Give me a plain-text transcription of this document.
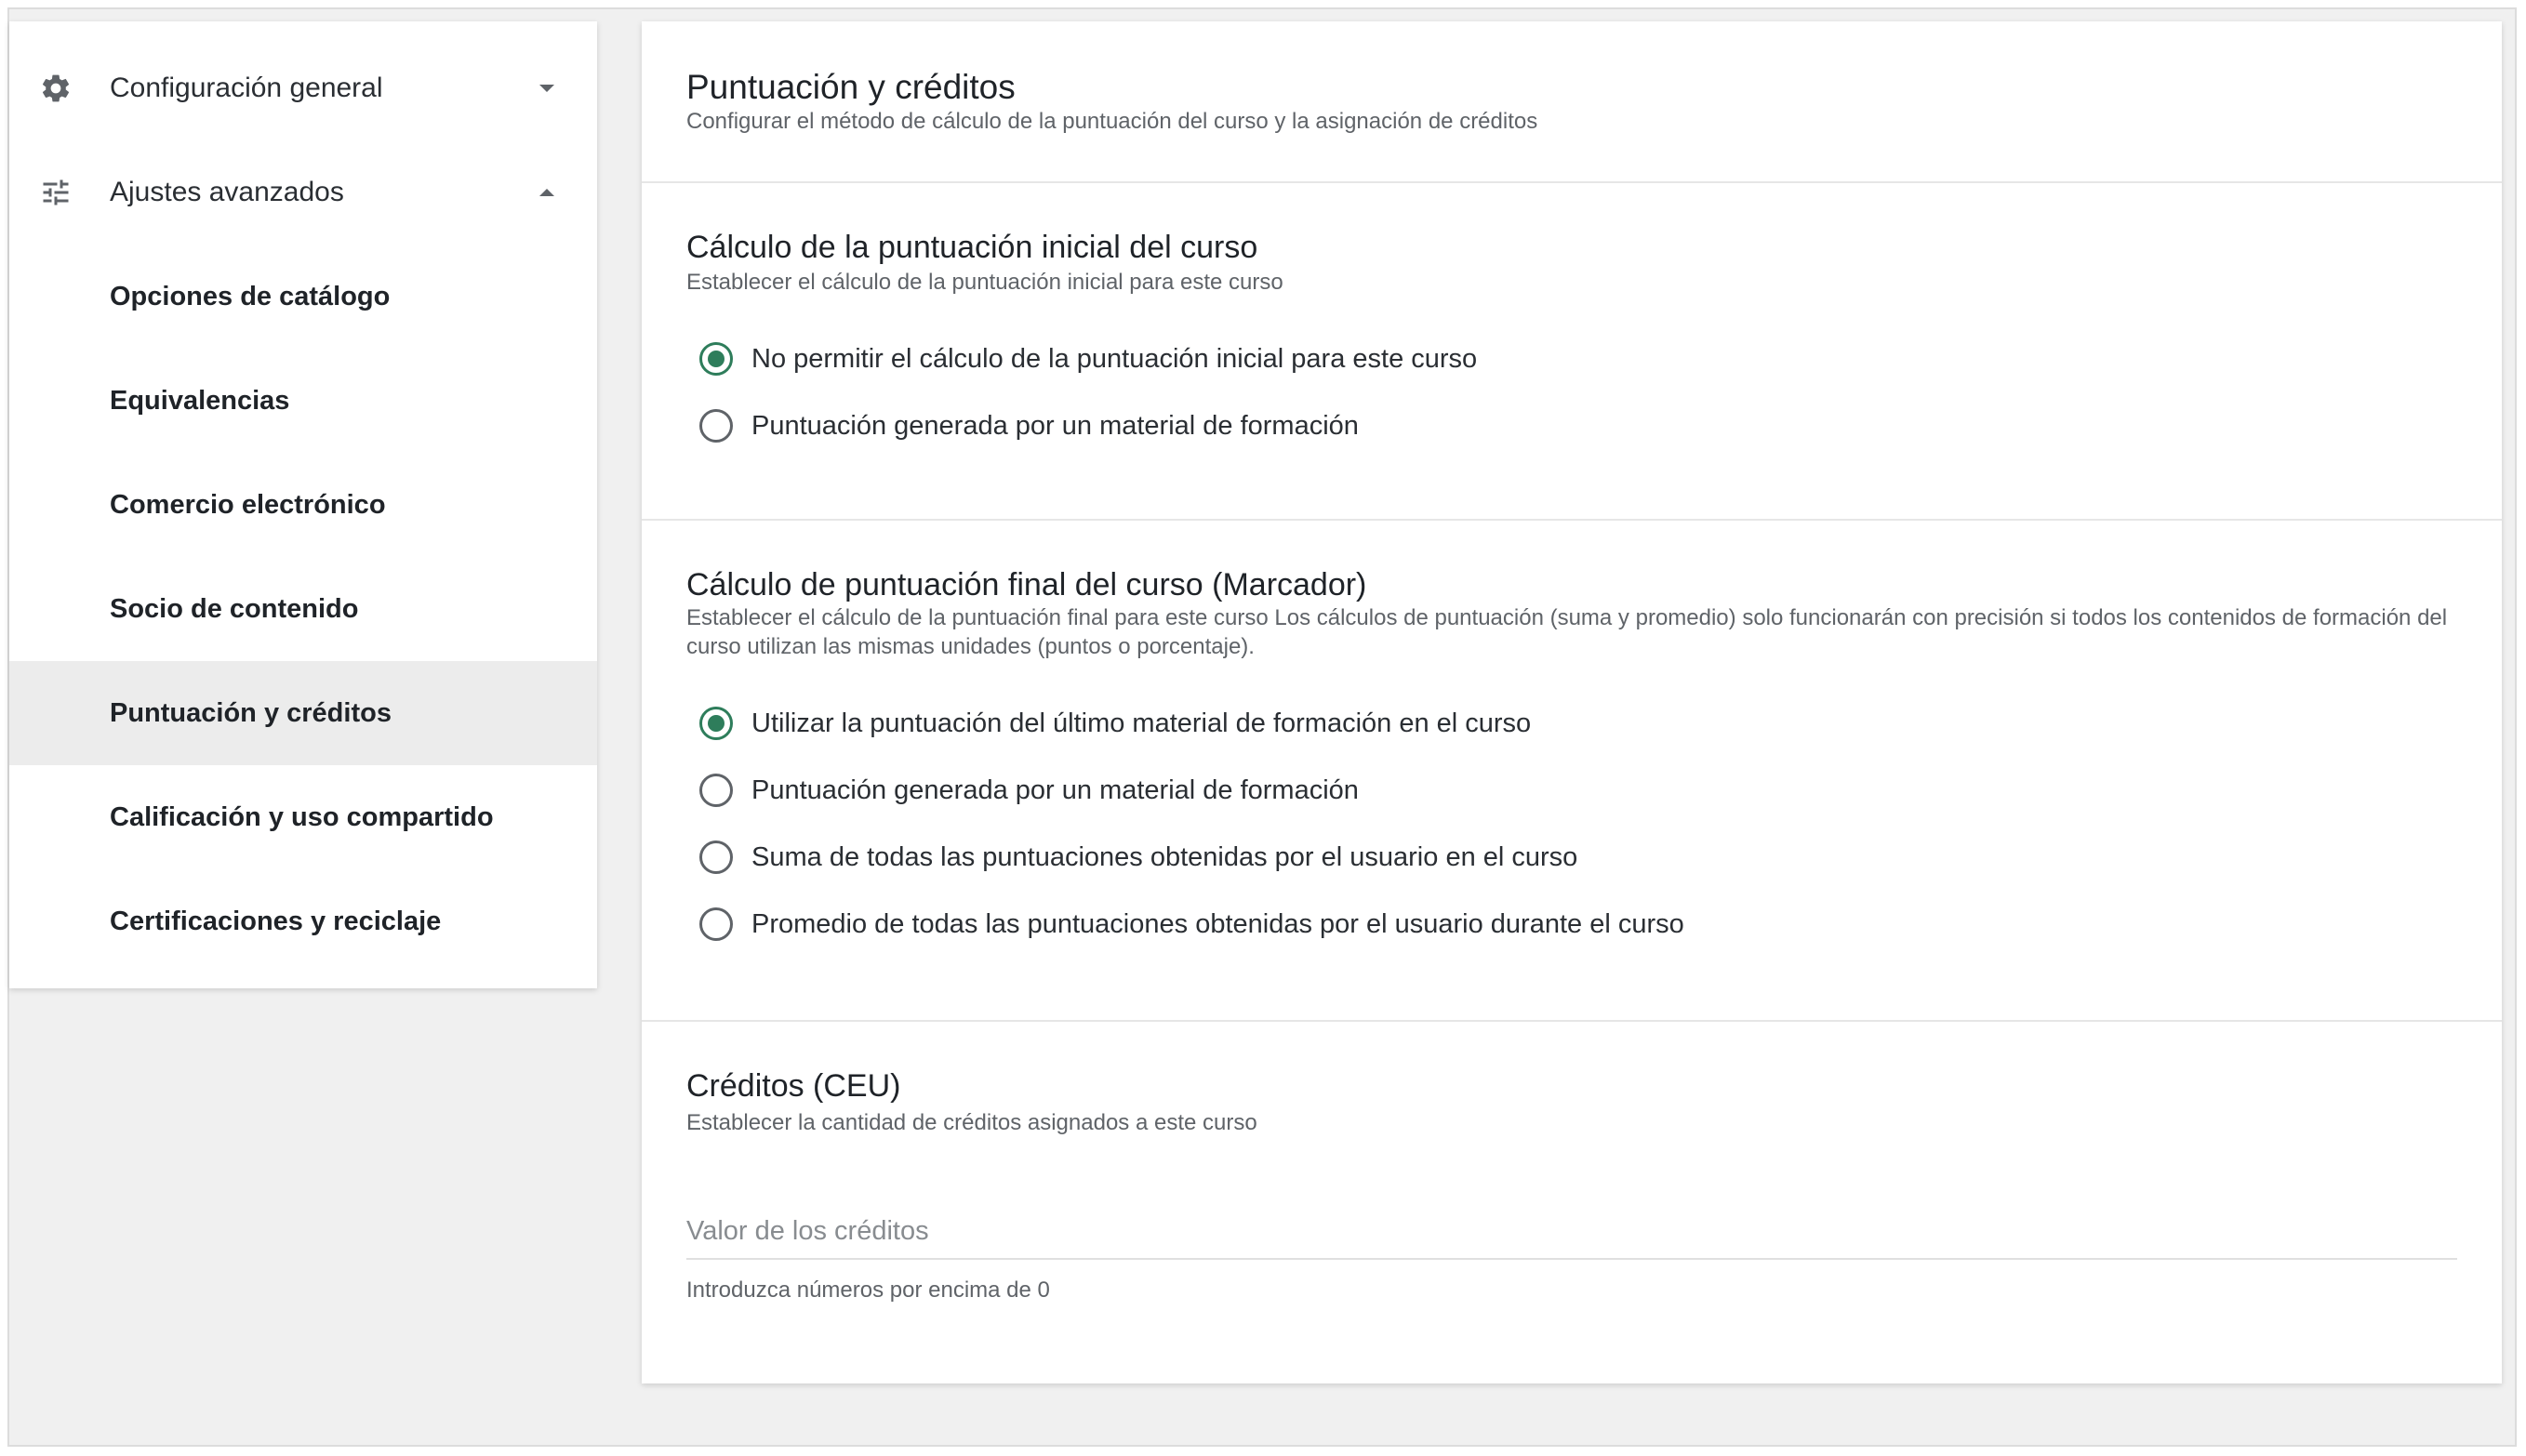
Configuración general
Ajustes avanzados
Opciones de catálogo
Equivalencias
Comercio electrónico
Socio de contenido
Puntuación y créditos
Calificación y uso compartido
Certificaciones y reciclaje
Puntuación y créditos
Configurar el método de cálculo de la puntuación del curso y la asignación de créditos
Cálculo de la puntuación inicial del curso
Establecer el cálculo de la puntuación inicial para este curso
No permitir el cálculo de la puntuación inicial para este curso
Puntuación generada por un material de formación
Cálculo de puntuación final del curso (Marcador)
Establecer el cálculo de la puntuación final para este curso Los cálculos de puntuación (suma y promedio) solo funcionarán con precisión si todos los contenidos de formación del curso utilizan las mismas unidades (puntos o porcentaje).
Utilizar la puntuación del último material de formación en el curso
Puntuación generada por un material de formación
Suma de todas las puntuaciones obtenidas por el usuario en el curso
Promedio de todas las puntuaciones obtenidas por el usuario durante el curso
Créditos (CEU)
Establecer la cantidad de créditos asignados a este curso
Valor de los créditos
Introduzca números por encima de 0
